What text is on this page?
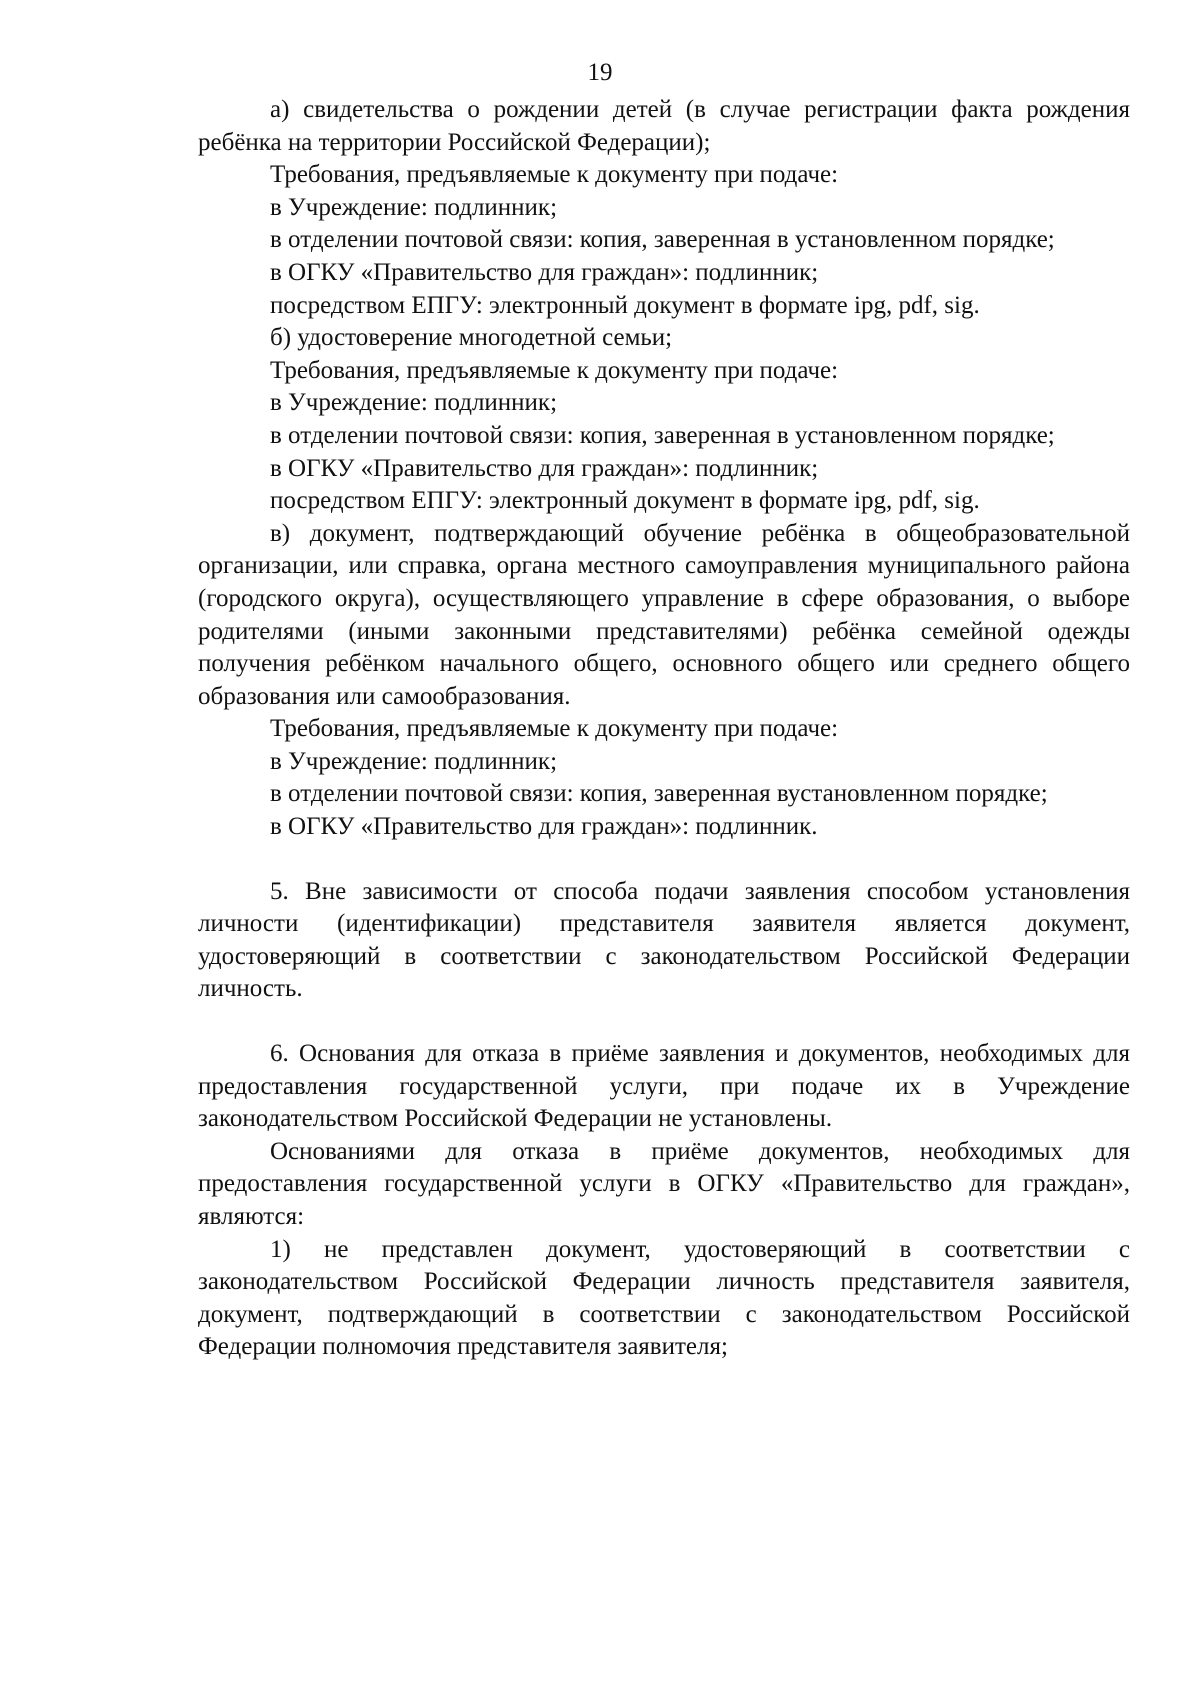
19

а) свидетельства о рождении детей (в случае регистрации факта рождения ребёнка на территории Российской Федерации);

Требования, предъявляемые к документу при подаче:

в Учреждение: подлинник;

в отделении почтовой связи: копия, заверенная в установленном порядке;

в ОГКУ «Правительство для граждан»: подлинник;

посредством ЕПГУ: электронный документ в формате ipg, pdf, sig.

б) удостоверение многодетной семьи;

Требования, предъявляемые к документу при подаче:

в Учреждение: подлинник;

в отделении почтовой связи: копия, заверенная в установленном порядке;

в ОГКУ «Правительство для граждан»: подлинник;

посредством ЕПГУ: электронный документ в формате ipg, pdf, sig.

в) документ, подтверждающий обучение ребёнка в общеобразовательной организации, или справка, органа местного самоуправления муниципального района (городского округа), осуществляющего управление в сфере образования, о выборе родителями (иными законными представителями) ребёнка семейной одежды получения ребёнком начального общего, основного общего или среднего общего образования или самообразования.

Требования, предъявляемые к документу при подаче:

в Учреждение: подлинник;

в отделении почтовой связи: копия, заверенная вустановленном порядке;

в ОГКУ «Правительство для граждан»: подлинник.

5. Вне зависимости от способа подачи заявления способом установления личности (идентификации) представителя заявителя является документ, удостоверяющий в соответствии с законодательством Российской Федерации личность.

6. Основания для отказа в приёме заявления и документов, необходимых для предоставления государственной услуги, при подаче их в Учреждение законодательством Российской Федерации не установлены.

Основаниями для отказа в приёме документов, необходимых для предоставления государственной услуги в ОГКУ «Правительство для граждан», являются:

1) не представлен документ, удостоверяющий в соответствии с законодательством Российской Федерации личность представителя заявителя, документ, подтверждающий в соответствии с законодательством Российской Федерации полномочия представителя заявителя;
